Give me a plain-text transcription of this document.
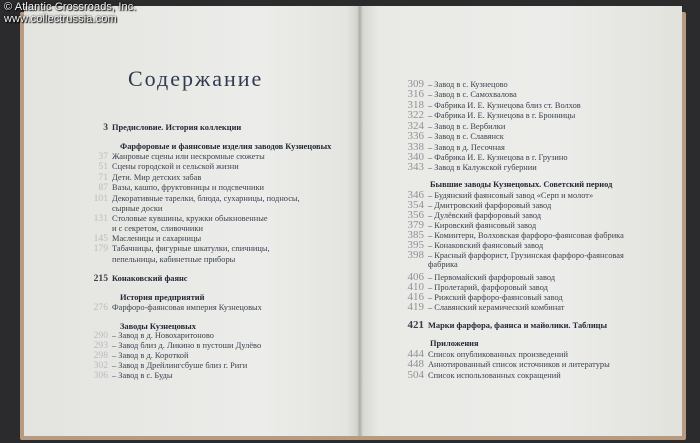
Содержание
3 Предисловие. История коллекции
Фарфоровые и фаянсовые изделия заводов Кузнецовых
37 Жанровые сцены или нескромные сюжеты
51 Сцены городской и сельской жизни
71 Дети. Мир детских забав
87 Вазы, кашпо, фруктовницы и подсвечники
101 Декоративные тарелки, блюда, сухарницы, подносы,
сырные доски
131 Столовые кувшины, кружки обыкновенные
и с секретом, сливочники
145 Масленицы и сахарницы
179 Табачницы, фигурные шкатулки, спичницы,
пепельницы, кабинетные приборы
215 Конаковский фаянс
История предприятий
276 Фарфоро-фаянсовая империя Кузнецовых
Заводы Кузнецовых
290 – Завод в д. Новохаритоново
293 – Завод близ д. Ликино в пустоши Дулёво
298 – Завод в д. Короткой
302 – Завод в Дрейлингсбуше близ г. Риги
306 – Завод в с. Буды
309 – Завод в с. Кузнецово
316 – Завод в с. Самохвалова
318 – Фабрика И. Е. Кузнецова близ ст. Волхов
322 – Фабрика И. Е. Кузнецова в г. Бронницы
324 – Завод в с. Вербилки
336 – Завод в с. Славянск
338 – Завод в д. Песочная
340 – Фабрика И. Е. Кузнецова в г. Грузино
343 – Завод в Калужской губернии
Бывшие заводы Кузнецовых. Советский период
346 – Будянский фаянсовый завод «Серп и молот»
354 – Дмитровский фарфоровый завод
356 – Дулёвский фарфоровый завод
379 – Кировский фаянсовый завод
385 – Коминтерн, Волховская фарфоро-фаянсовая фабрика
395 – Конаковский фаянсовый завод
398 – Красный фарфорист, Грузинская фарфоро-фаянсовая
фабрика
406 – Первомайский фарфоровый завод
410 – Пролетарий, фарфоровый завод
416 – Рижский фарфоро-фаянсовый завод
419 – Славянский керамический комбинат
421 Марки фарфора, фаянса и майолики. Таблицы
Приложения
444 Список опубликованных произведений
448 Аннотированный список источников и литературы
504 Список использованных сокращений
© Atlantic Crossroads, Inc.
www.collectrussia.com
